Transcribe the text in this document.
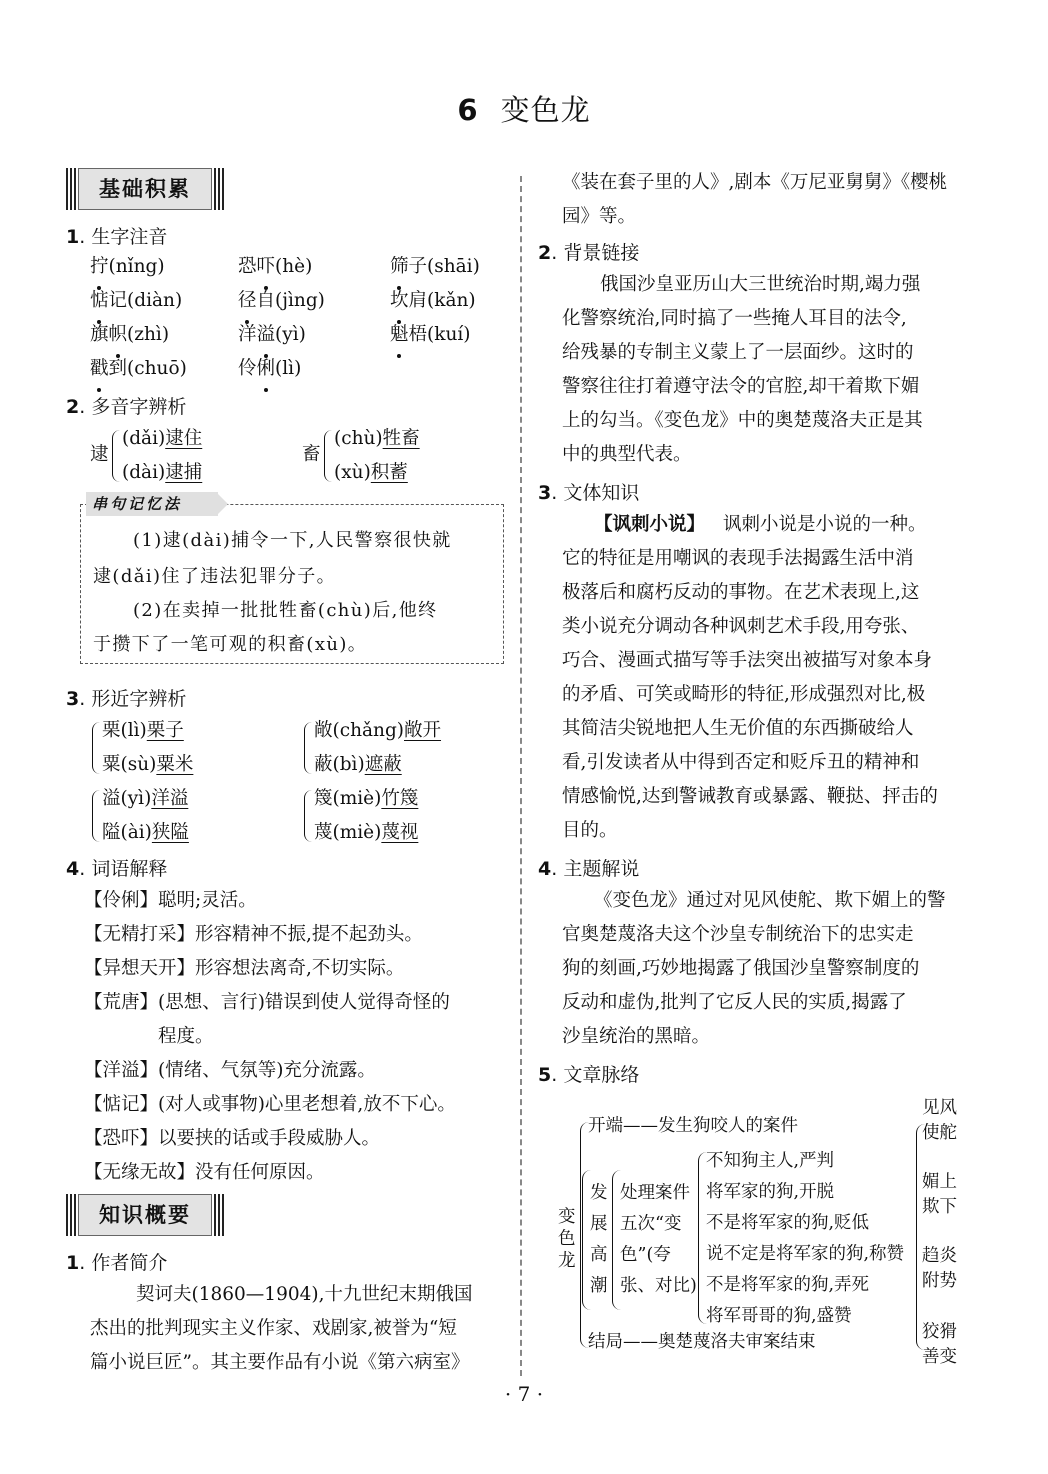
6 变色龙
基础积累
1. 生字注音
拧(nǐng)	恐吓(hè)	筛子(shāi)
惦记(diàn)	径自(jìng)	坎肩(kǎn)
旗帜(zhì)	洋溢(yì)	魁梧(kuí)
戳到(chuō)	伶俐(lì)
2. 多音字辨析
逮
(dǎi)逮住
(dài)逮捕
畜
(chù)牲畜
(xù)积蓄
(1)逮(dài)捕令一下,人民警察很快就
逮(dǎi)住了违法犯罪分子。
(2)在卖掉一批批牲畜(chù)后,他终
于攒下了一笔可观的积畜(xù)。
串句记忆法
3. 形近字辨析
栗(lì)栗子
粟(sù)粟米
敞(chǎng)敞开
蔽(bì)遮蔽
溢(yì)洋溢
隘(ài)狭隘
篾(miè)竹篾
蔑(miè)蔑视
4. 词语解释
【伶俐】聪明;灵活。
【无精打采】形容精神不振,提不起劲头。
【异想天开】形容想法离奇,不切实际。
【荒唐】(思想、言行)错误到使人觉得奇怪的
程度。
【洋溢】(情绪、气氛等)充分流露。
【惦记】(对人或事物)心里老想着,放不下心。
【恐吓】以要挟的话或手段威胁人。
【无缘无故】没有任何原因。
知识概要
1. 作者简介
契诃夫(1860—1904),十九世纪末期俄国
杰出的批判现实主义作家、戏剧家,被誉为“短
篇小说巨匠”。其主要作品有小说《第六病室》
《装在套子里的人》,剧本《万尼亚舅舅》《樱桃
园》等。
2. 背景链接
俄国沙皇亚历山大三世统治时期,竭力强
化警察统治,同时搞了一些掩人耳目的法令,
给残暴的专制主义蒙上了一层面纱。这时的
警察往往打着遵守法令的官腔,却干着欺下媚
上的勾当。《变色龙》中的奥楚蔑洛夫正是其
中的典型代表。
3. 文体知识
【讽刺小说】 讽刺小说是小说的一种。
它的特征是用嘲讽的表现手法揭露生活中消
极落后和腐朽反动的事物。在艺术表现上,这
类小说充分调动各种讽刺艺术手段,用夸张、
巧合、漫画式描写等手法突出被描写对象本身
的矛盾、可笑或畸形的特征,形成强烈对比,极
其简洁尖锐地把人生无价值的东西撕破给人
看,引发读者从中得到否定和贬斥丑的精神和
情感愉悦,达到警诫教育或暴露、鞭挞、抨击的
目的。
4. 主题解说
《变色龙》通过对见风使舵、欺下媚上的警
官奥楚蔑洛夫这个沙皇专制统治下的忠实走
狗的刻画,巧妙地揭露了俄国沙皇警察制度的
反动和虚伪,批判了它反人民的实质,揭露了
沙皇统治的黑暗。
5. 文章脉络
变
色
龙
开端——发生狗咬人的案件
发
展
高
潮
处理案件
五次“变
色”(夸
张、对比)
不知狗主人,严判
将军家的狗,开脱
不是将军家的狗,贬低
说不定是将军家的狗,称赞
不是将军家的狗,弄死
将军哥哥的狗,盛赞
结局——奥楚蔑洛夫审案结束
见风
使舵
媚上
欺下
趋炎
附势
狡猾
善变
· 7 ·
